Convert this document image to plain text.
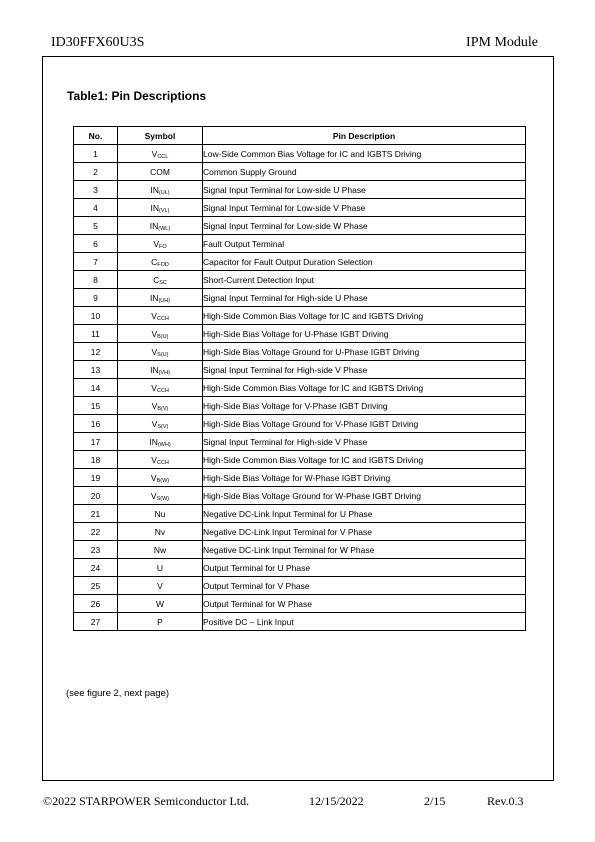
ID30FFX60U3S	IPM Module
Table1: Pin Descriptions
No.	Symbol	Pin Description
1	$V_{CCL}$	Low-Side Common Bias Voltage for IC and IGBTS Driving
2	COM	Common Supply Ground
3	$IN_{(UL)}$	Signal Input Terminal for Low-side U Phase
4	$IN_{(VL)}$	Signal Input Terminal for Low-side V Phase
5	$IN_{(WL)}$	Signal Input Terminal for Low-side W Phase
6	$V_{FO}$	Fault Output Terminal
7	$C_{FOD}$	Capacitor for Fault Output Duration Selection
8	$C_{SC}$	Short-Current Detection Input
9	$IN_{(UH)}$	Signal Input Terminal for High-side U Phase
10	$V_{CCH}$	High-Side Common Bias Voltage for IC and IGBTS Driving
11	$V_{B(U)}$	High-Side Bias Voltage for U-Phase IGBT Driving
12	$V_{S(U)}$	High-Side Bias Voltage Ground for U-Phase IGBT Driving
13	$IN_{(VH)}$	Signal Input Terminal for High-side V Phase
14	$V_{CCH}$	High-Side Common Bias Voltage for IC and IGBTS Driving
15	$V_{B(V)}$	High-Side Bias Voltage for V-Phase IGBT Driving
16	$V_{S(V)}$	High-Side Bias Voltage Ground for V-Phase IGBT Driving
17	$IN_{(WH)}$	Signal Input Terminal for High-side V Phase
18	$V_{CCH}$	High-Side Common Bias Voltage for IC and IGBTS Driving
19	$V_{B(W)}$	High-Side Bias Voltage for W-Phase IGBT Driving
20	$V_{S(W)}$	High-Side Bias Voltage Ground for W-Phase IGBT Driving
21	Nu	Negative DC-Link Input Terminal for U Phase
22	Nv	Negative DC-Link Input Terminal for V Phase
23	Nw	Negative DC-Link Input Terminal for W Phase
24	U	Output Terminal for U Phase
25	V	Output Terminal for V Phase
26	W	Output Terminal for W Phase
27	P	Positive DC – Link Input
(see figure 2, next page)
©2022 STARPOWER Semiconductor Ltd.	12/15/2022	2/15	Rev.0.3
